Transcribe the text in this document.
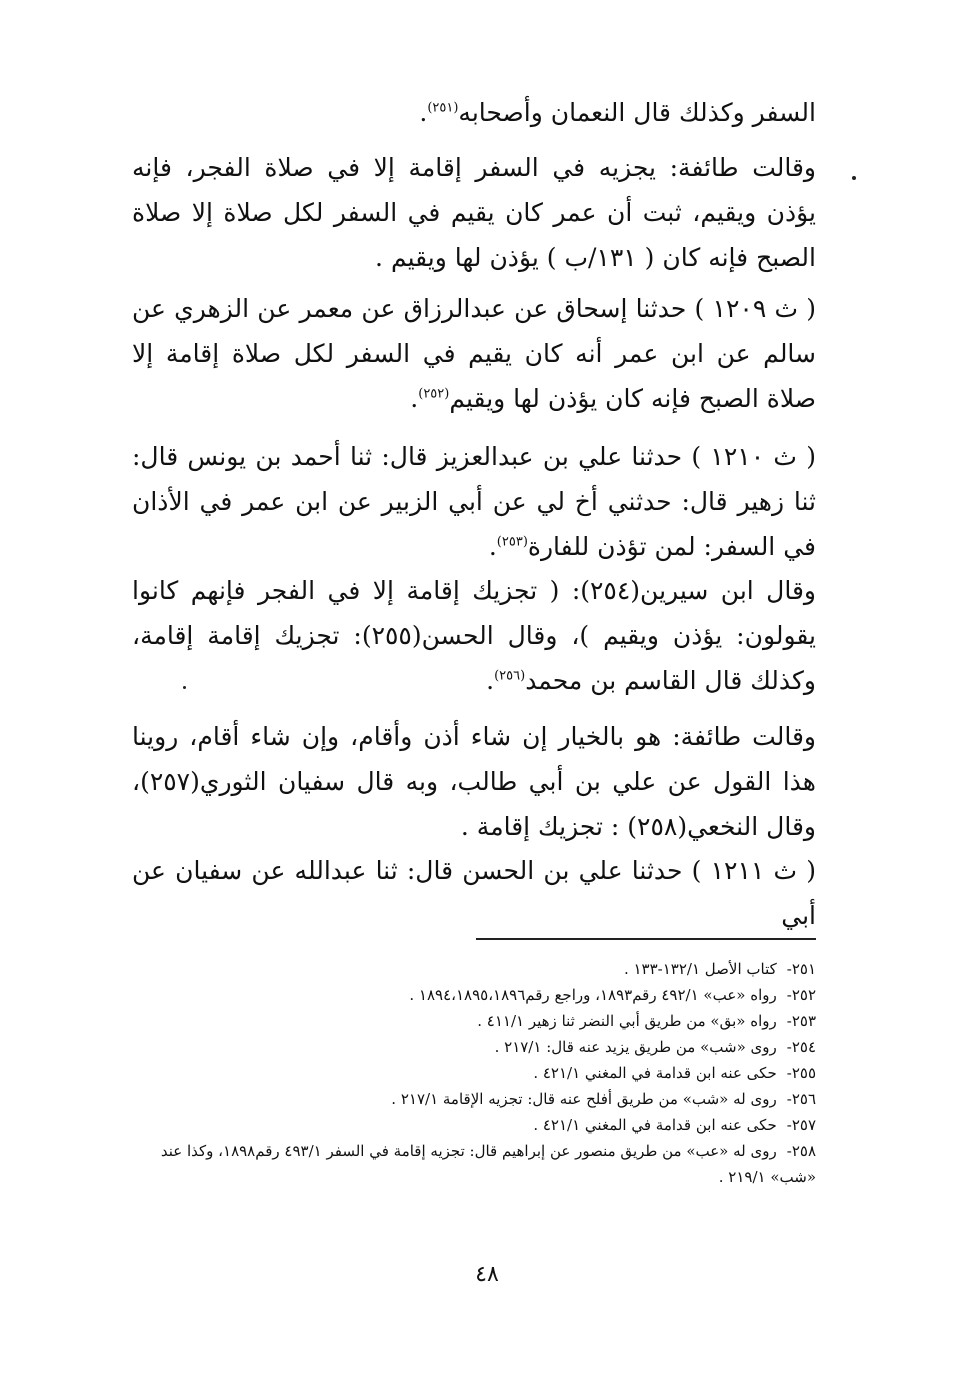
السفر وكذلك قال النعمان وأصحابه$^{(٢٥١)}$.

وقالت طائفة: يجزيه في السفر إقامة إلا في صلاة الفجر، فإنه يؤذن ويقيم، ثبت أن عمر كان يقيم في السفر لكل صلاة إلا صلاة الصبح فإنه كان ( ١٣١/ب ) يؤذن لها ويقيم .

( ث ١٢٠٩ ) حدثنا إسحاق عن عبدالرزاق عن معمر عن الزهري عن سالم عن ابن عمر أنه كان يقيم في السفر لكل صلاة إقامة إلا صلاة الصبح فإنه كان يؤذن لها ويقيم$^{(٢٥٢)}$.

( ث ١٢١٠ ) حدثنا علي بن عبدالعزيز قال: ثنا أحمد بن يونس قال: ثنا زهير قال: حدثني أخ لي عن أبي الزبير عن ابن عمر في الأذان في السفر: لمن تؤذن للفارة$^{(٢٥٣)}$.

وقال ابن سيرين(٢٥٤): ( تجزيك إقامة إلا في الفجر فإنهم كانوا يقولون: يؤذن ويقيم )، وقال الحسن(٢٥٥): تجزيك إقامة إقامة، وكذلك قال القاسم بن محمد$^{(٢٥٦)}$.

وقالت طائفة: هو بالخيار إن شاء أذن وأقام، وإن شاء أقام، روينا هذا القول عن علي بن أبي طالب، وبه قال سفيان الثوري(٢٥٧)، وقال النخعي(٢٥٨) : تجزيك إقامة .

( ث ١٢١١ ) حدثنا علي بن الحسن قال: ثنا عبدالله عن سفيان عن أبي

٢٥١-كتاب الأصل ١٣٢/١-١٣٣ .
٢٥٢-رواه «عب» ٤٩٢/١ رقم١٨٩٣، وراجع رقم١٨٩٤،١٨٩٥،١٨٩٦ .
٢٥٣-رواه «بق» من طريق أبي النضر ثنا زهير ٤١١/١ .
٢٥٤-روى «شب» من طريق يزيد عنه قال: ٢١٧/١ .
٢٥٥-حكى عنه ابن قدامة في المغني ٤٢١/١ .
٢٥٦-روى له «شب» من طريق أفلح عنه قال: تجزيه الإقامة ٢١٧/١ .
٢٥٧-حكى عنه ابن قدامة في المغني ٤٢١/١ .
٢٥٨-روى له «عب» من طريق منصور عن إبراهيم قال: تجزيه إقامة في السفر ٤٩٣/١ رقم١٨٩٨، وكذا عند «شب» ٢١٩/١ .
٤٨
